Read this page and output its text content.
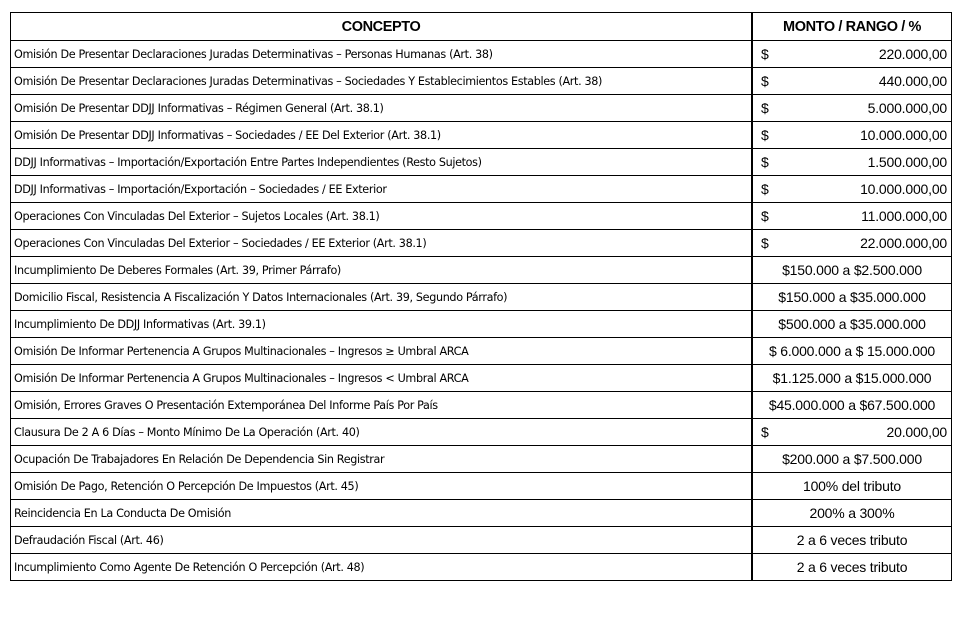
CONCEPTO	MONTO / RANGO / %
Omisión De Presentar Declaraciones Juradas Determinativas – Personas Humanas (Art. 38)	$ 220.000,00

Omisión De Presentar Declaraciones Juradas Determinativas – Sociedades Y Establecimientos Estables (Art. 38)	$ 440.000,00

Omisión De Presentar DDJJ Informativas – Régimen General (Art. 38.1)	$ 5.000.000,00

Omisión De Presentar DDJJ Informativas – Sociedades / EE Del Exterior (Art. 38.1)	$ 10.000.000,00

DDJJ Informativas – Importación/Exportación Entre Partes Independientes (Resto Sujetos)	$ 1.500.000,00

DDJJ Informativas – Importación/Exportación – Sociedades / EE Exterior	$ 10.000.000,00

Operaciones Con Vinculadas Del Exterior – Sujetos Locales (Art. 38.1)	$ 11.000.000,00

Operaciones Con Vinculadas Del Exterior – Sociedades / EE Exterior (Art. 38.1)	$ 22.000.000,00

Incumplimiento De Deberes Formales (Art. 39, Primer Párrafo)	$150.000 a $2.500.000

Domicilio Fiscal, Resistencia A Fiscalización Y Datos Internacionales (Art. 39, Segundo Párrafo)	$150.000 a $35.000.000

Incumplimiento De DDJJ Informativas (Art. 39.1)	$500.000 a $35.000.000

Omisión De Informar Pertenencia A Grupos Multinacionales – Ingresos ≥ Umbral ARCA	$ 6.000.000 a $ 15.000.000

Omisión De Informar Pertenencia A Grupos Multinacionales – Ingresos < Umbral ARCA	$1.125.000 a $15.000.000

Omisión, Errores Graves O Presentación Extemporánea Del Informe País Por País	$45.000.000 a $67.500.000

Clausura De 2 A 6 Días – Monto Mínimo De La Operación (Art. 40)	$ 20.000,00

Ocupación De Trabajadores En Relación De Dependencia Sin Registrar	$200.000 a $7.500.000

Omisión De Pago, Retención O Percepción De Impuestos (Art. 45)	100% del tributo

Reincidencia En La Conducta De Omisión	200% a 300%

Defraudación Fiscal (Art. 46)	2 a 6 veces tributo

Incumplimiento Como Agente De Retención O Percepción (Art. 48)	2 a 6 veces tributo
